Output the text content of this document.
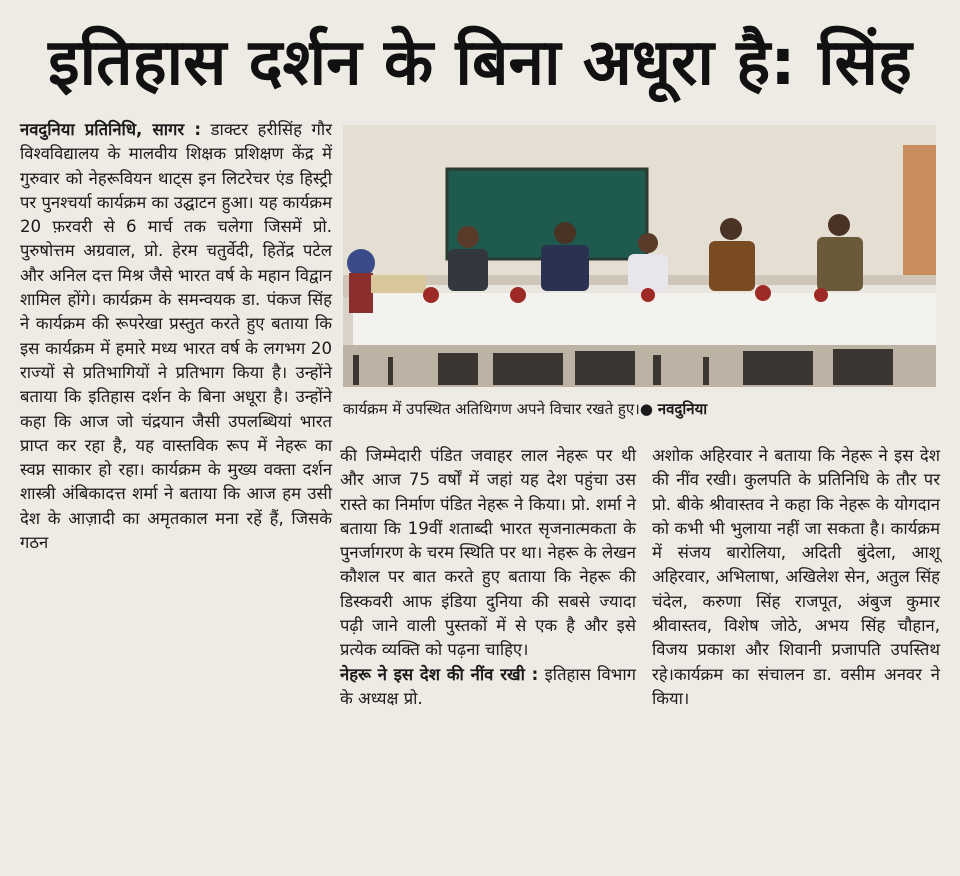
इतिहास दर्शन के बिना अधूरा है: सिंह

नवदुनिया प्रतिनिधि, सागर : डाक्टर हरीसिंह गौर विश्वविद्यालय के मालवीय शिक्षक प्रशिक्षण केंद्र में गुरुवार को नेहरूवियन थाट्स इन लिटरेचर एंड हिस्ट्री पर पुनश्चर्या कार्यक्रम का उद्घाटन हुआ। यह कार्यक्रम 20 फ़रवरी से 6 मार्च तक चलेगा जिसमें प्रो. पुरुषोत्तम अग्रवाल, प्रो. हेरम चतुर्वेदी, हितेंद्र पटेल और अनिल दत्त मिश्र जैसे भारत वर्ष के महान विद्वान शामिल होंगे। कार्यक्रम के समन्वयक डा. पंकज सिंह ने कार्यक्रम की रूपरेखा प्रस्तुत करते हुए बताया कि इस कार्यक्रम में हमारे मध्य भारत वर्ष के लगभग 20 राज्यों से प्रतिभागियों ने प्रतिभाग किया है। उन्होंने बताया कि इतिहास दर्शन के बिना अधूरा है। उन्होंने कहा कि आज जो चंद्रयान जैसी उपलब्धियां भारत प्राप्त कर रहा है, यह वास्तविक रूप में नेहरू का स्वप्न साकार हो रहा। कार्यक्रम के मुख्य वक्ता दर्शन शास्त्री अंबिकादत्त शर्मा ने बताया कि आज हम उसी देश के आज़ादी का अमृतकाल मना रहें हैं, जिसके गठन

कार्यक्रम में उपस्थित अतिथिगण अपने विचार रखते हुए।● नवदुनिया

की जिम्मेदारी पंडित जवाहर लाल नेहरू पर थी और आज 75 वर्षों में जहां यह देश पहुंचा उस रास्ते का निर्माण पंडित नेहरू ने किया। प्रो. शर्मा ने बताया कि 19वीं शताब्दी भारत सृजनात्मकता के पुनर्जागरण के चरम स्थिति पर था। नेहरू के लेखन कौशल पर बात करते हुए बताया कि नेहरू की डिस्कवरी आफ इंडिया दुनिया की सबसे ज्यादा पढ़ी जाने वाली पुस्तकों में से एक है और इसे प्रत्येक व्यक्ति को पढ़ना चाहिए।

नेहरू ने इस देश की नींव रखी : इतिहास विभाग के अध्यक्ष प्रो.

अशोक अहिरवार ने बताया कि नेहरू ने इस देश की नींव रखी। कुलपति के प्रतिनिधि के तौर पर प्रो. बीके श्रीवास्तव ने कहा कि नेहरू के योगदान को कभी भी भुलाया नहीं जा सकता है। कार्यक्रम में संजय बारोलिया, अदिती बुंदेला, आशू अहिरवार, अभिलाषा, अखिलेश सेन, अतुल सिंह चंदेल, करुणा सिंह राजपूत, अंबुज कुमार श्रीवास्तव, विशेष जोठे, अभय सिंह चौहान, विजय प्रकाश और शिवानी प्रजापति उपस्तिथ रहे।कार्यक्रम का संचालन डा. वसीम अनवर ने किया।
